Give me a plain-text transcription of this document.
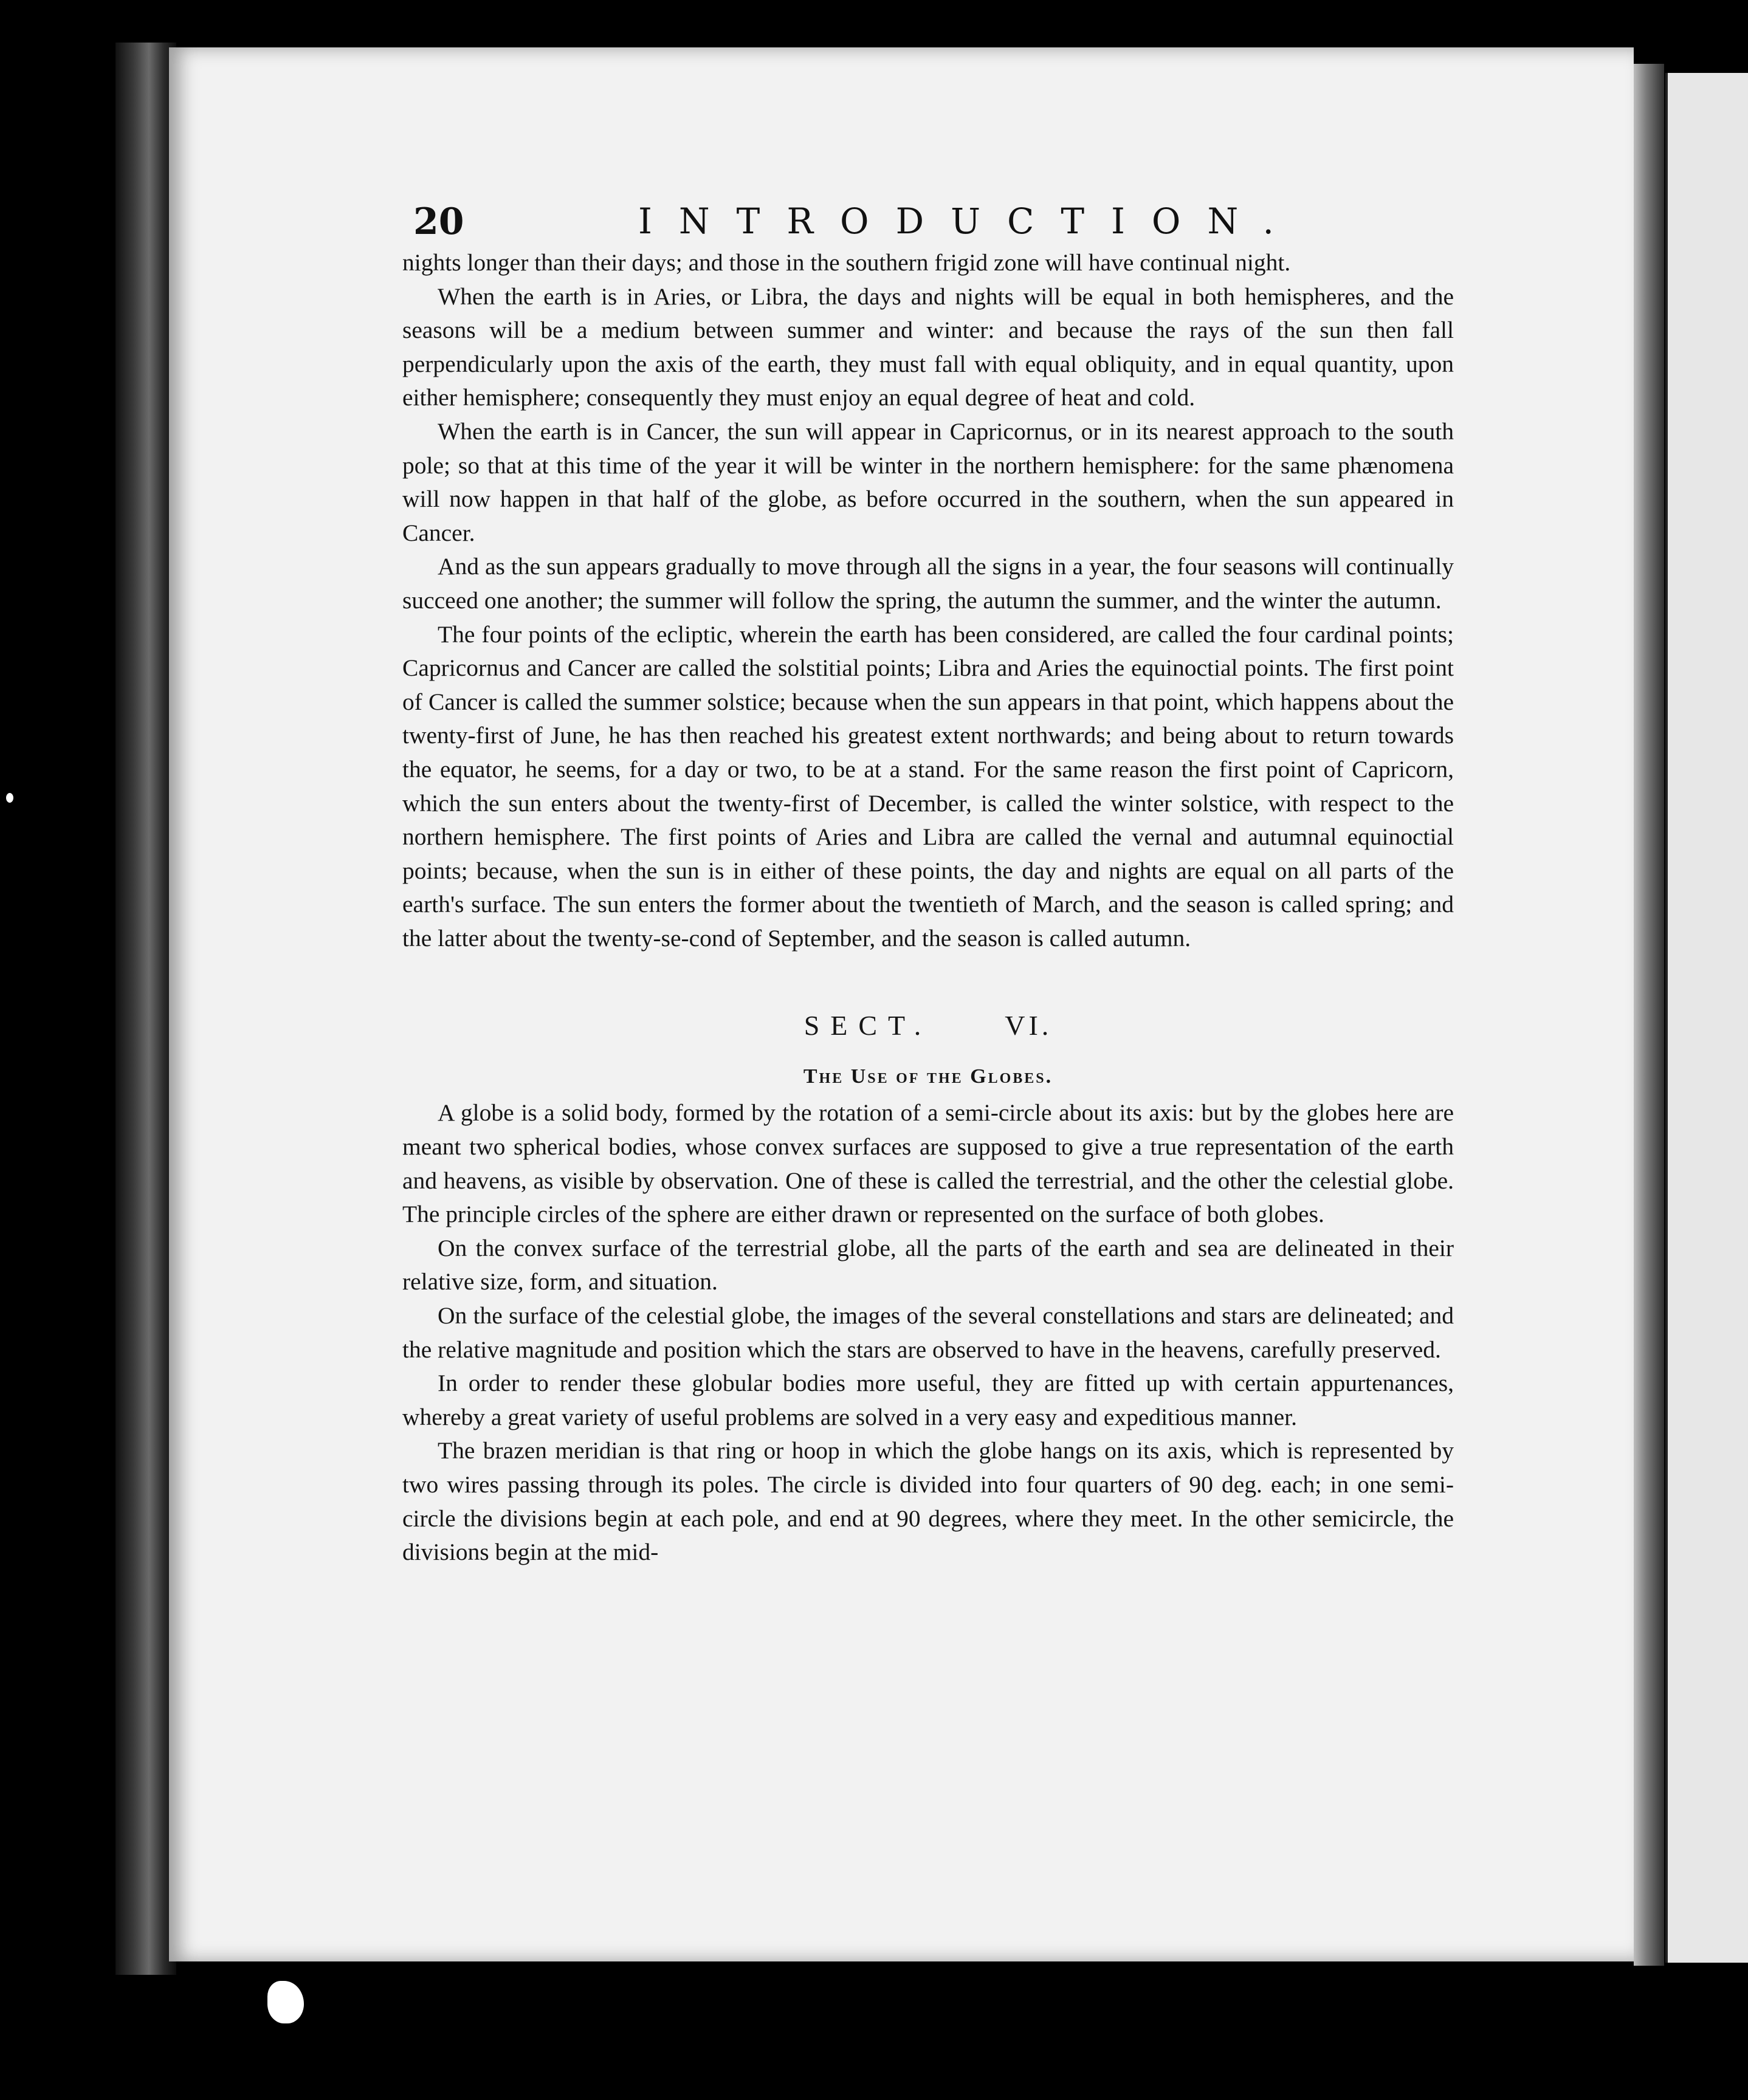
20	INTRODUCTION.

nights longer than their days; and those in the southern frigid zone will have continual night.

When the earth is in Aries, or Libra, the days and nights will be equal in both hemispheres, and the seasons will be a medium between summer and winter: and because the rays of the sun then fall perpendicularly upon the axis of the earth, they must fall with equal obliquity, and in equal quantity, upon either hemisphere; consequently they must enjoy an equal degree of heat and cold.

When the earth is in Cancer, the sun will appear in Capricornus, or in its nearest approach to the south pole; so that at this time of the year it will be winter in the northern hemisphere: for the same phænomena will now happen in that half of the globe, as before occurred in the southern, when the sun appeared in Cancer.

And as the sun appears gradually to move through all the signs in a year, the four seasons will continually succeed one another; the summer will follow the spring, the autumn the summer, and the winter the autumn.

The four points of the ecliptic, wherein the earth has been considered, are called the four cardinal points; Capricornus and Cancer are called the solstitial points; Libra and Aries the equinoctial points. The first point of Cancer is called the summer solstice; because when the sun appears in that point, which happens about the twenty-first of June, he has then reached his greatest extent northwards; and being about to return towards the equator, he seems, for a day or two, to be at a stand. For the same reason the first point of Capricorn, which the sun enters about the twenty-first of December, is called the winter solstice, with respect to the northern hemisphere. The first points of Aries and Libra are called the vernal and autumnal equinoctial points; because, when the sun is in either of these points, the day and nights are equal on all parts of the earth's surface. The sun enters the former about the twentieth of March, and the season is called spring; and the latter about the twenty-se-cond of September, and the season is called autumn.

SECT.	VI.
The Use of the Globes.

A globe is a solid body, formed by the rotation of a semi-circle about its axis: but by the globes here are meant two spherical bodies, whose convex surfaces are supposed to give a true representation of the earth and heavens, as visible by observation. One of these is called the terrestrial, and the other the celestial globe. The principle circles of the sphere are either drawn or represented on the surface of both globes.

On the convex surface of the terrestrial globe, all the parts of the earth and sea are delineated in their relative size, form, and situation.

On the surface of the celestial globe, the images of the several constellations and stars are delineated; and the relative magnitude and position which the stars are observed to have in the heavens, carefully preserved.

In order to render these globular bodies more useful, they are fitted up with certain appurtenances, whereby a great variety of useful problems are solved in a very easy and expeditious manner.

The brazen meridian is that ring or hoop in which the globe hangs on its axis, which is represented by two wires passing through its poles. The circle is divided into four quarters of 90 deg. each; in one semi-circle the divisions begin at each pole, and end at 90 degrees, where they meet. In the other semicircle, the divisions begin at the mid-
